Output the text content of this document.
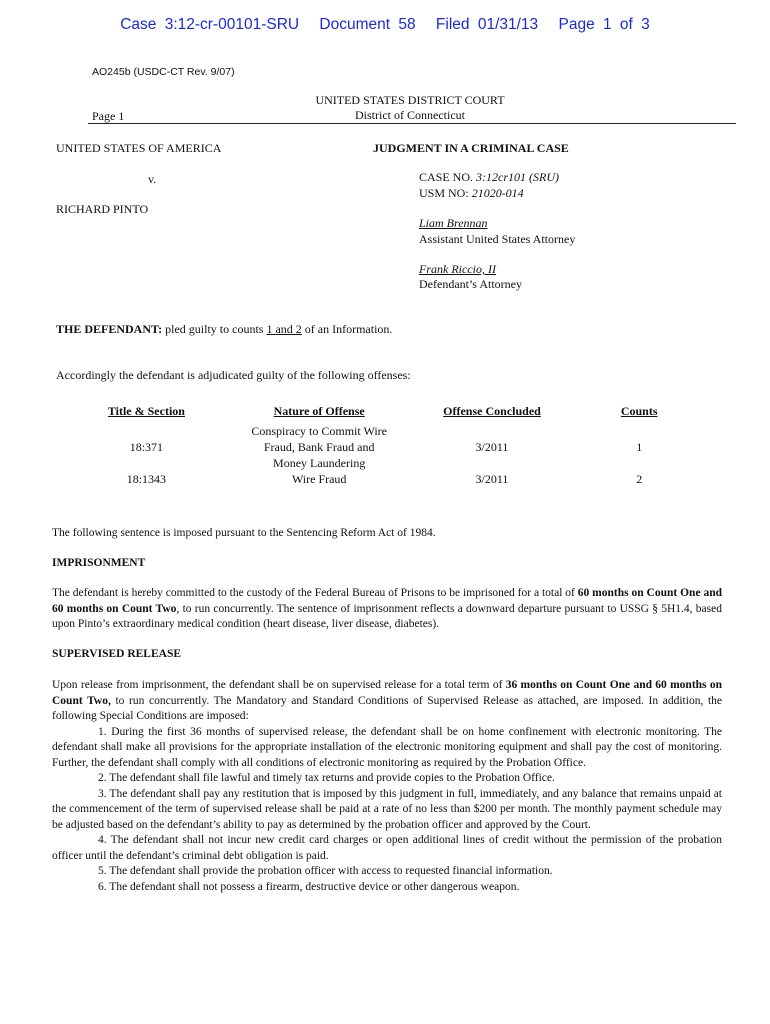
Case 3:12-cr-00101-SRU Document 58 Filed 01/31/13 Page 1 of 3
AO245b (USDC-CT Rev. 9/07)
UNITED STATES DISTRICT COURT
District of Connecticut
Page 1
UNITED STATES OF AMERICA
v.
RICHARD PINTO
JUDGMENT IN A CRIMINAL CASE
CASE NO. 3:12cr101 (SRU)
USM NO: 21020-014
Liam Brennan
Assistant United States Attorney
Frank Riccio, II
Defendant’s Attorney
THE DEFENDANT: pled guilty to counts 1 and 2 of an Information.
Accordingly the defendant is adjudicated guilty of the following offenses:
Title & Section	Nature of Offense	Offense Concluded	Counts
18:371	Conspiracy to Commit Wire
Fraud, Bank Fraud and
Money Laundering	3/2011	1
18:1343	Wire Fraud	3/2011	2
The following sentence is imposed pursuant to the Sentencing Reform Act of 1984.
IMPRISONMENT
The defendant is hereby committed to the custody of the Federal Bureau of Prisons to be imprisoned for a total of 60 months on Count One and 60 months on Count Two, to run concurrently. The sentence of imprisonment reflects a downward departure pursuant to USSG § 5H1.4, based upon Pinto’s extraordinary medical condition (heart disease, liver disease, diabetes).
SUPERVISED RELEASE
Upon release from imprisonment, the defendant shall be on supervised release for a total term of 36 months on Count One and 60 months on Count Two, to run concurrently. The Mandatory and Standard Conditions of Supervised Release as attached, are imposed. In addition, the following Special Conditions are imposed:
1. During the first 36 months of supervised release, the defendant shall be on home confinement with electronic monitoring. The defendant shall make all provisions for the appropriate installation of the electronic monitoring equipment and shall pay the cost of monitoring. Further, the defendant shall comply with all conditions of electronic monitoring as required by the Probation Office.
2. The defendant shall file lawful and timely tax returns and provide copies to the Probation Office.
3. The defendant shall pay any restitution that is imposed by this judgment in full, immediately, and any balance that remains unpaid at the commencement of the term of supervised release shall be paid at a rate of no less than $200 per month. The monthly payment schedule may be adjusted based on the defendant’s ability to pay as determined by the probation officer and approved by the Court.
4. The defendant shall not incur new credit card charges or open additional lines of credit without the permission of the probation officer until the defendant’s criminal debt obligation is paid.
5. The defendant shall provide the probation officer with access to requested financial information.
6. The defendant shall not possess a firearm, destructive device or other dangerous weapon.
